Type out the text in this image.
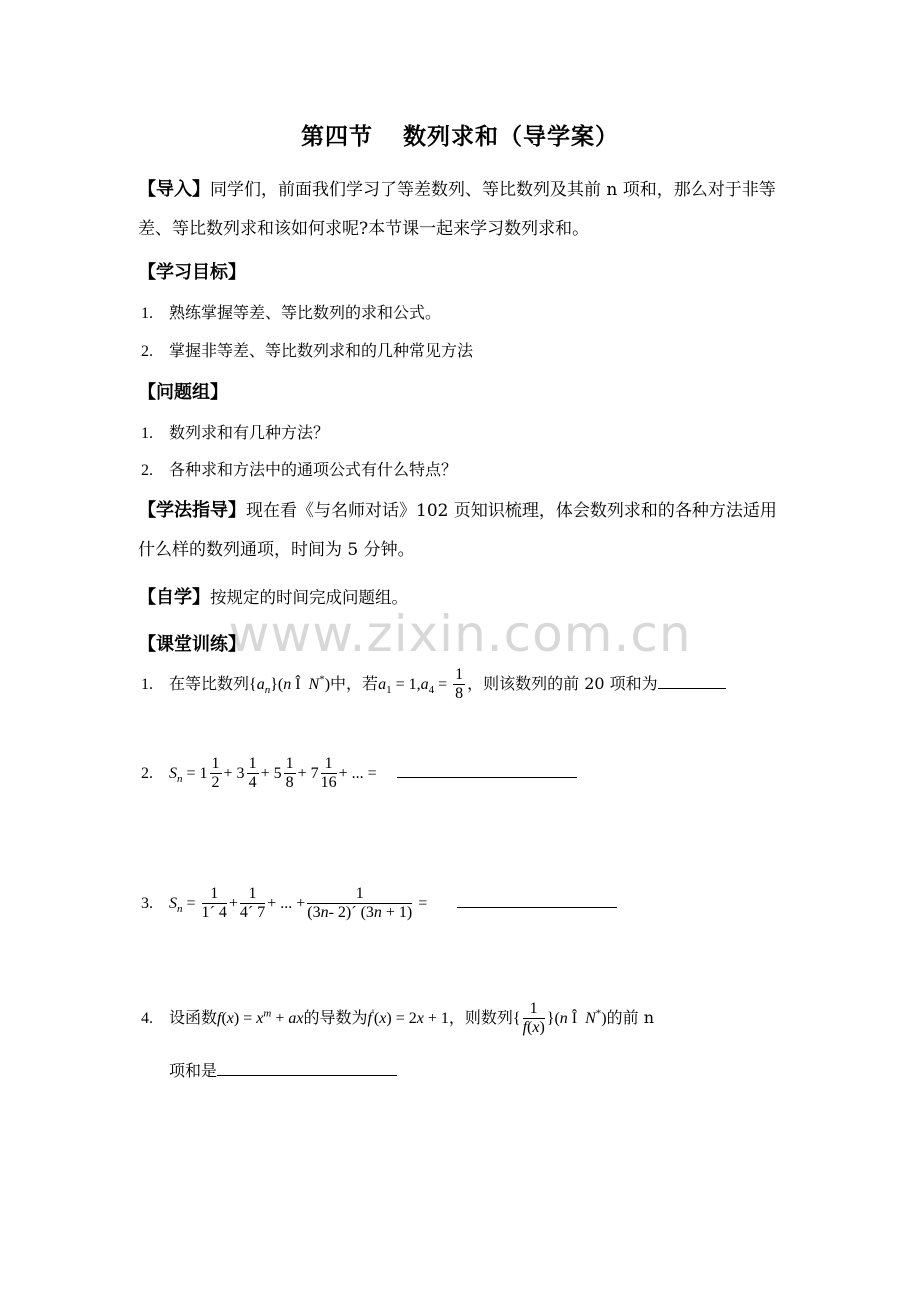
www.zixin.com.cn
第四节 数列求和（导学案）
【导入】同学们，前面我们学习了等差数列、等比数列及其前 n 项和，那么对于非等差、等比数列求和该如何求呢?本节课一起来学习数列求和。
【学习目标】
1. 熟练掌握等差、等比数列的求和公式。
2. 掌握非等差、等比数列求和的几种常见方法
【问题组】
1. 数列求和有几种方法？
2. 各种求和方法中的通项公式有什么特点？
【学法指导】现在看《与名师对话》102 页知识梳理，体会数列求和的各种方法适用什么样的数列通项，时间为 5 分钟。
【自学】按规定的时间完成问题组。
【课堂训练】
1. 在等比数列$\{a_n\}(n$ Î  N*)中，若$a_1 = 1,a_4 = \frac{1}{8}$ ，则该数列的前 20 项和为
2. $S_n = 1 \frac{1}{2} + 3 \frac{1}{4} + 5 \frac{1}{8} + 7 \frac{1}{16}$ + ... =
3. $S_n = \frac{1}{1´ 4} + \frac{1}{4´ 7}$ + ... + $\frac{1}{(3n- 2)´ (3n + 1)}$ =
4. 设函数$f(x) = x^m$ + ax的导数为f'(x) = 2x + 1，则数列{ $\frac{1}{f(x)} \}(n$ Î  N*)的前 n
项和是
